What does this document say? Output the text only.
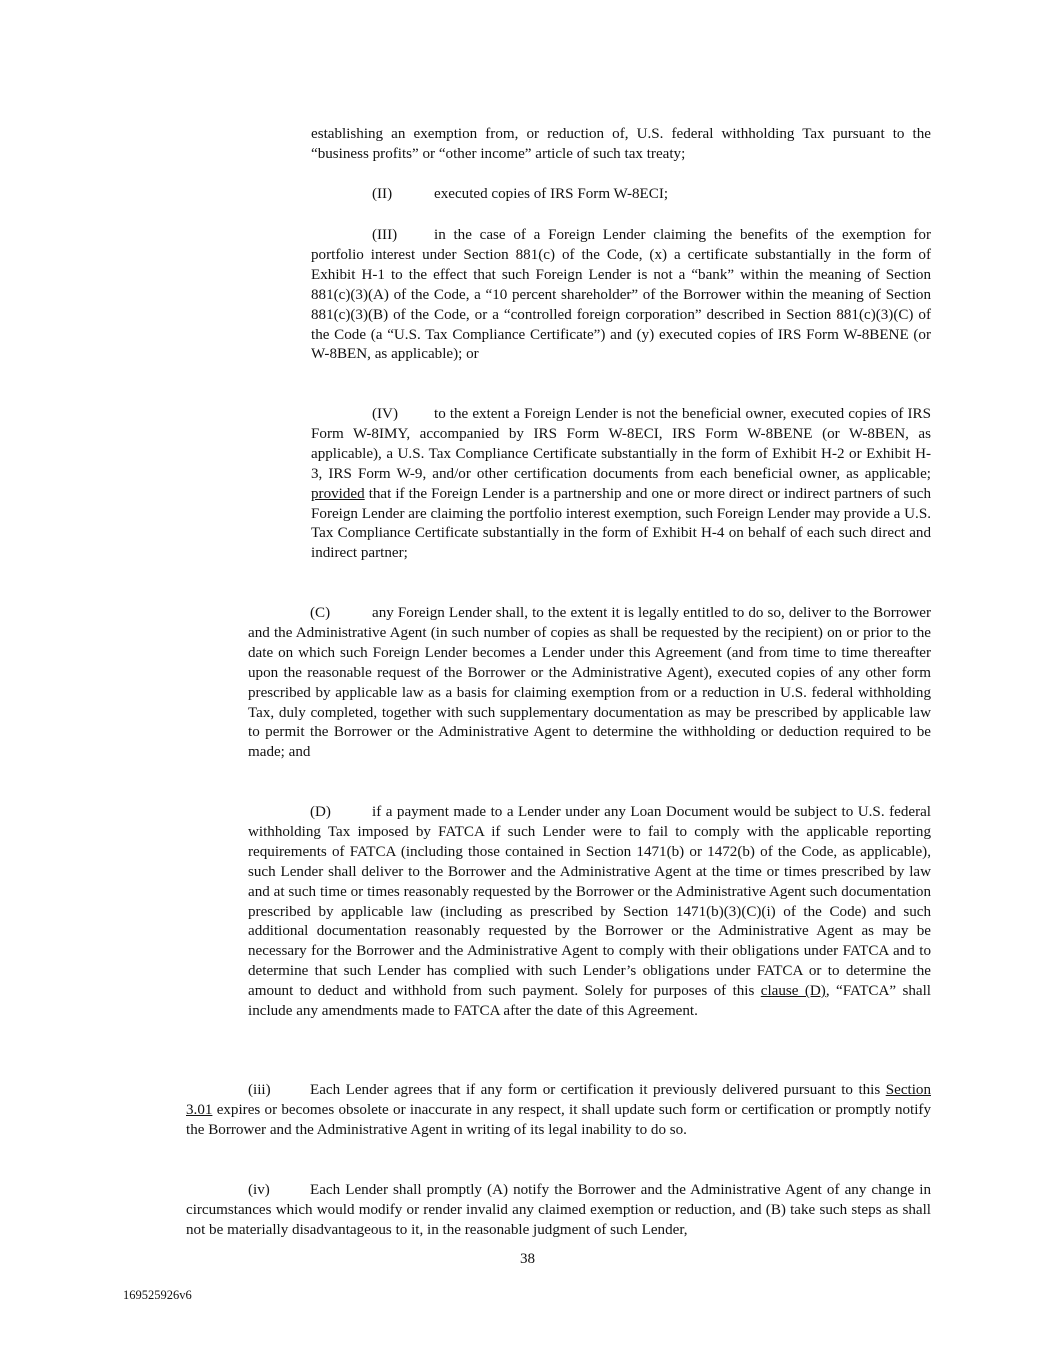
establishing an exemption from, or reduction of, U.S. federal withholding Tax pursuant to the “business profits” or “other income” article of such tax treaty;

(II)	executed copies of IRS Form W-8ECI;

(III) in the case of a Foreign Lender claiming the benefits of the exemption for portfolio interest under Section 881(c) of the Code, (x) a certificate substantially in the form of Exhibit H-1 to the effect that such Foreign Lender is not a “bank” within the meaning of Section 881(c)(3)(A) of the Code, a “10 percent shareholder” of the Borrower within the meaning of Section 881(c)(3)(B) of the Code, or a “controlled foreign corporation” described in Section 881(c)(3)(C) of the Code (a “U.S. Tax Compliance Certificate”) and (y) executed copies of IRS Form W-8BENE (or W-8BEN, as applicable); or

(IV) to the extent a Foreign Lender is not the beneficial owner, executed copies of IRS Form W-8IMY, accompanied by IRS Form W-8ECI, IRS Form W-8BENE (or W-8BEN, as applicable), a U.S. Tax Compliance Certificate substantially in the form of Exhibit H-2 or Exhibit H-3, IRS Form W-9, and/or other certification documents from each beneficial owner, as applicable; provided that if the Foreign Lender is a partnership and one or more direct or indirect partners of such Foreign Lender are claiming the portfolio interest exemption, such Foreign Lender may provide a U.S. Tax Compliance Certificate substantially in the form of Exhibit H-4 on behalf of each such direct and indirect partner;

(C)	any Foreign Lender shall, to the extent it is legally entitled to do so, deliver to the Borrower and the Administrative Agent (in such number of copies as shall be requested by the recipient) on or prior to the date on which such Foreign Lender becomes a Lender under this Agreement (and from time to time thereafter upon the reasonable request of the Borrower or the Administrative Agent), executed copies of any other form prescribed by applicable law as a basis for claiming exemption from or a reduction in U.S. federal withholding Tax, duly completed, together with such supplementary documentation as may be prescribed by applicable law to permit the Borrower or the Administrative Agent to determine the withholding or deduction required to be made; and

(D)	if a payment made to a Lender under any Loan Document would be subject to U.S. federal withholding Tax imposed by FATCA if such Lender were to fail to comply with the applicable reporting requirements of FATCA (including those contained in Section 1471(b) or 1472(b) of the Code, as applicable), such Lender shall deliver to the Borrower and the Administrative Agent at the time or times prescribed by law and at such time or times reasonably requested by the Borrower or the Administrative Agent such documentation prescribed by applicable law (including as prescribed by Section 1471(b)(3)(C)(i) of the Code) and such additional documentation reasonably requested by the Borrower or the Administrative Agent as may be necessary for the Borrower and the Administrative Agent to comply with their obligations under FATCA and to determine that such Lender has complied with such Lender’s obligations under FATCA or to determine the amount to deduct and withhold from such payment. Solely for purposes of this clause (D), “FATCA” shall include any amendments made to FATCA after the date of this Agreement.

(iii)	Each Lender agrees that if any form or certification it previously delivered pursuant to this Section 3.01 expires or becomes obsolete or inaccurate in any respect, it shall update such form or certification or promptly notify the Borrower and the Administrative Agent in writing of its legal inability to do so.

(iv)	Each Lender shall promptly (A) notify the Borrower and the Administrative Agent of any change in circumstances which would modify or render invalid any claimed exemption or reduction, and (B) take such steps as shall not be materially disadvantageous to it, in the reasonable judgment of such Lender,

38

169525926v6
